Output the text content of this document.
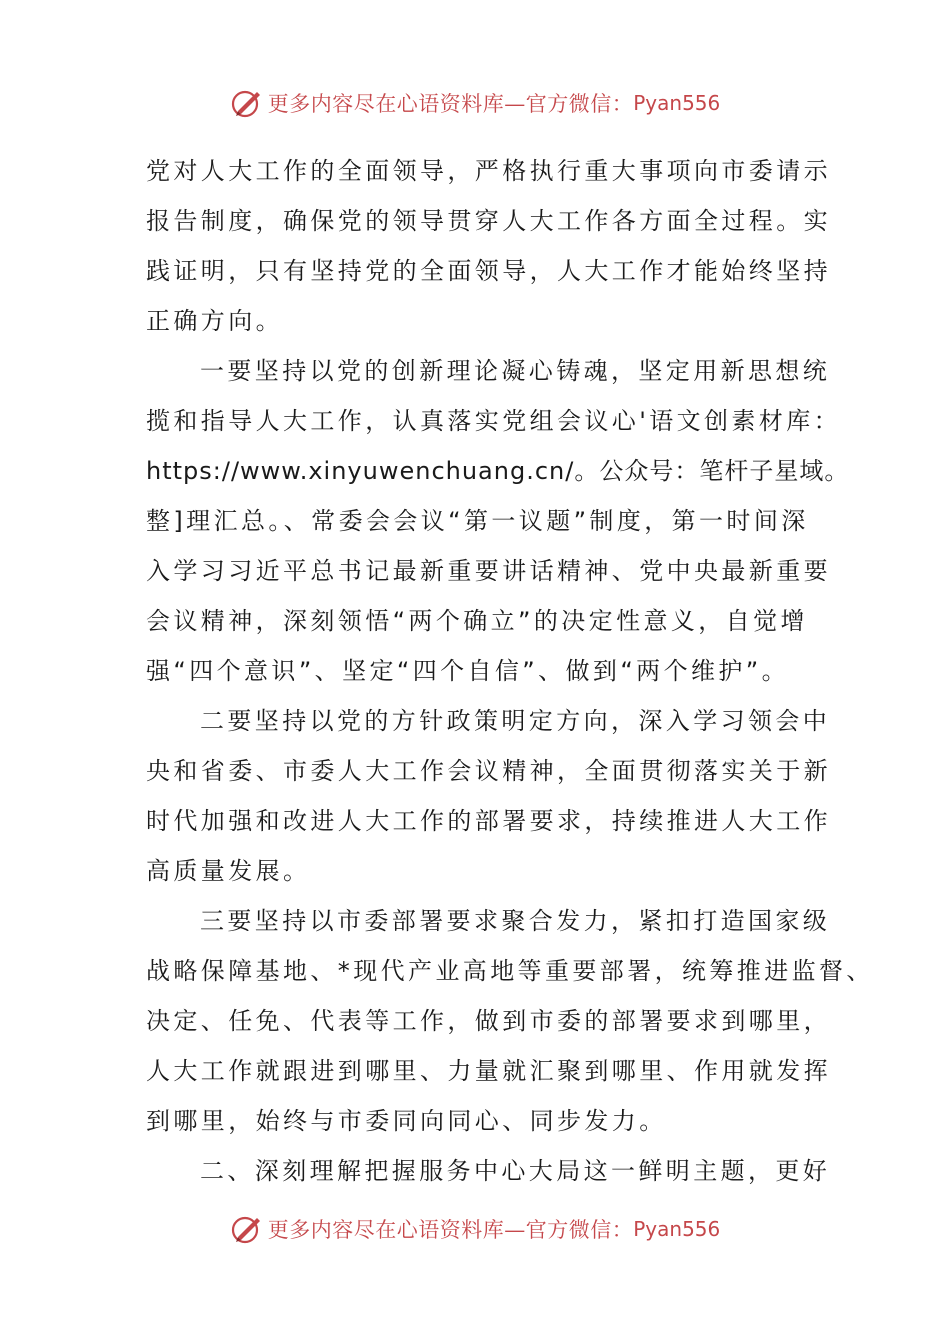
更多内容尽在心语资料库—官方微信： Pyan556
党对人大工作的全面领导，严格执行重大事项向市委请示
报告制度，确保党的领导贯穿人大工作各方面全过程。实
践证明，只有坚持党的全面领导，人大工作才能始终坚持
正确方向。
一要坚持以党的创新理论凝心铸魂，坚定用新思想统
揽和指导人大工作，认真落实党组会议心'语文创素材库：
https://www.xinyuwenchuang.cn/。公众号：笔杆子星域。
整]理汇总。、常委会会议“第一议题”制度，第一时间深
入学习习近平总书记最新重要讲话精神、党中央最新重要
会议精神，深刻领悟“两个确立”的决定性意义，自觉增
强“四个意识”、坚定“四个自信”、做到“两个维护”。
二要坚持以党的方针政策明定方向，深入学习领会中
央和省委、市委人大工作会议精神，全面贯彻落实关于新
时代加强和改进人大工作的部署要求，持续推进人大工作
高质量发展。
三要坚持以市委部署要求聚合发力，紧扣打造国家级
战略保障基地、*现代产业高地等重要部署，统筹推进监督、
决定、任免、代表等工作，做到市委的部署要求到哪里，
人大工作就跟进到哪里、力量就汇聚到哪里、作用就发挥
到哪里，始终与市委同向同心、同步发力。
二、深刻理解把握服务中心大局这一鲜明主题，更好
更多内容尽在心语资料库—官方微信： Pyan556
